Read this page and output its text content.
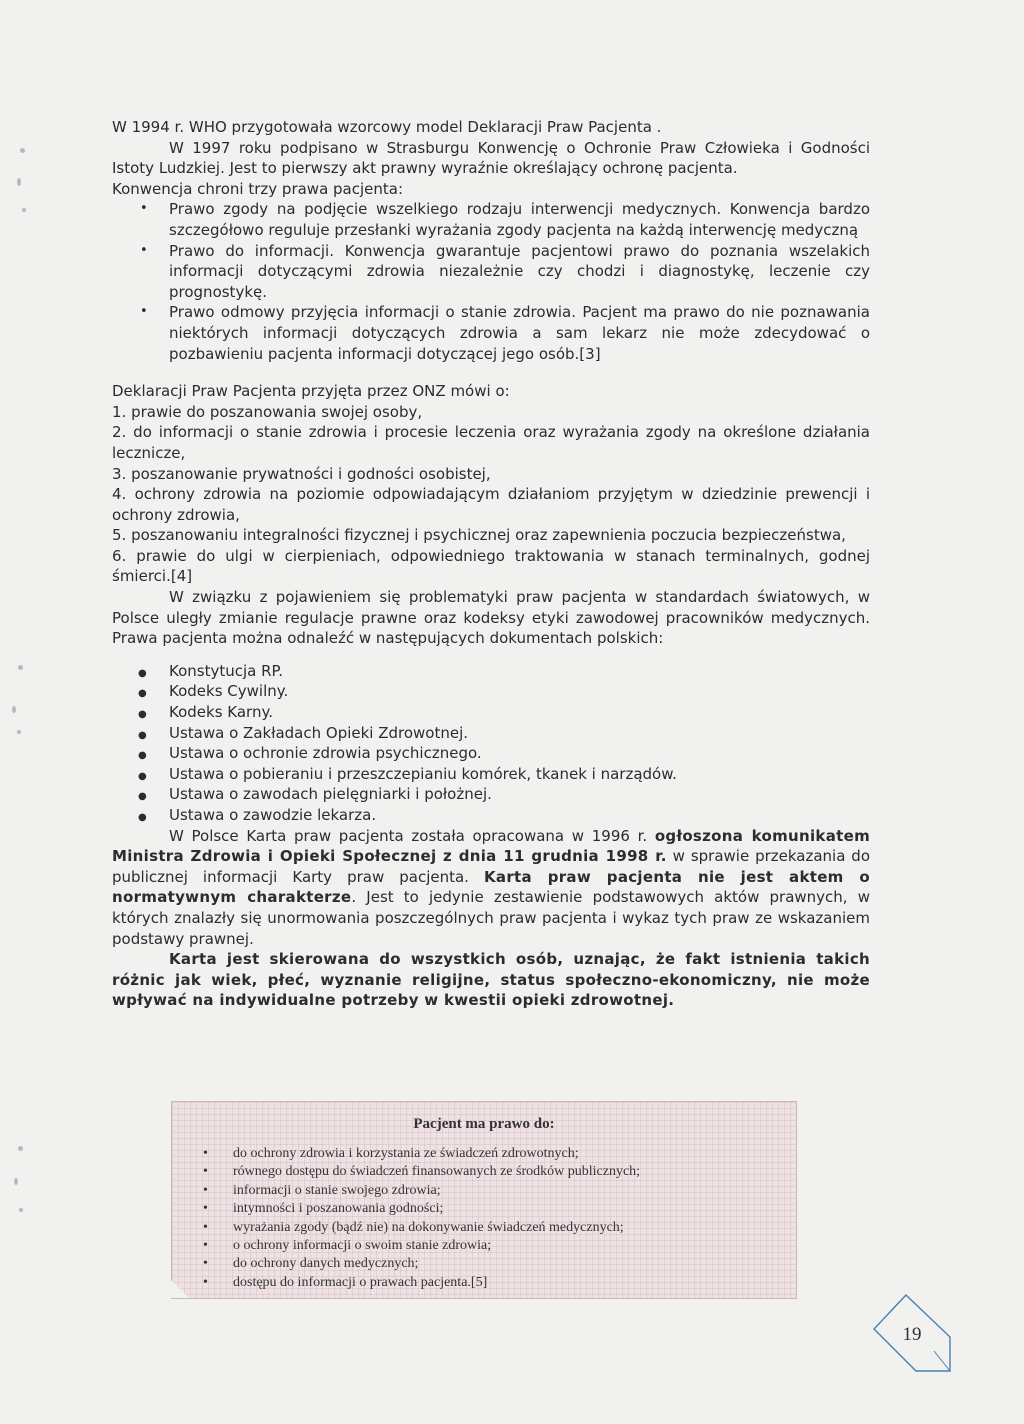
W 1994 r. WHO przygotowała wzorcowy model Deklaracji Praw Pacjenta .

W 1997 roku podpisano w Strasburgu Konwencję o Ochronie Praw Człowieka i Godności Istoty Ludzkiej. Jest to pierwszy akt prawny wyraźnie określający ochronę pacjenta.

Konwencja chroni trzy prawa pacjenta:

• Prawo zgody na podjęcie wszelkiego rodzaju interwencji medycznych. Konwencja bardzo szczegółowo reguluje przesłanki wyrażania zgody pacjenta na każdą interwencję medyczną
• Prawo do informacji. Konwencja gwarantuje pacjentowi prawo do poznania wszelakich informacji dotyczącymi zdrowia niezależnie czy chodzi i diagnostykę, leczenie czy prognostykę.
• Prawo odmowy przyjęcia informacji o stanie zdrowia. Pacjent ma prawo do nie poznawania niektórych informacji dotyczących zdrowia a sam lekarz nie może zdecydować o pozbawieniu pacjenta informacji dotyczącej jego osób.[3]

Deklaracji Praw Pacjenta przyjęta przez ONZ mówi o:

1. prawie do poszanowania swojej osoby,

2. do informacji o stanie zdrowia i procesie leczenia oraz wyrażania zgody na określone działania lecznicze,

3. poszanowanie prywatności i godności osobistej,

4. ochrony zdrowia na poziomie odpowiadającym działaniom przyjętym w dziedzinie prewencji i ochrony zdrowia,

5. poszanowaniu integralności fizycznej i psychicznej oraz zapewnienia poczucia bezpieczeństwa,

6. prawie do ulgi w cierpieniach, odpowiedniego traktowania w stanach terminalnych, godnej śmierci.[4]

W związku z pojawieniem się problematyki praw pacjenta w standardach światowych, w Polsce uległy zmianie regulacje prawne oraz kodeksy etyki zawodowej pracowników medycznych. Prawa pacjenta można odnaleźć w następujących dokumentach polskich:

● Konstytucja RP.
● Kodeks Cywilny.
● Kodeks Karny.
● Ustawa o Zakładach Opieki Zdrowotnej.
● Ustawa o ochronie zdrowia psychicznego.
● Ustawa o pobieraniu i przeszczepianiu komórek, tkanek i narządów.
● Ustawa o zawodach pielęgniarki i położnej.
● Ustawa o zawodzie lekarza.

W Polsce Karta praw pacjenta została opracowana w 1996 r. ogłoszona komunikatem Ministra Zdrowia i Opieki Społecznej z dnia 11 grudnia 1998 r. w sprawie przekazania do publicznej informacji Karty praw pacjenta. Karta praw pacjenta nie jest aktem o normatywnym charakterze. Jest to jedynie zestawienie podstawowych aktów prawnych, w których znalazły się unormowania poszczególnych praw pacjenta i wykaz tych praw ze wskazaniem podstawy prawnej.

Karta jest skierowana do wszystkich osób, uznając, że fakt istnienia takich różnic jak wiek, płeć, wyznanie religijne, status społeczno-ekonomiczny, nie może wpływać na indywidualne potrzeby w kwestii opieki zdrowotnej.

Pacjent ma prawo do:
• do ochrony zdrowia i korzystania ze świadczeń zdrowotnych;
• równego dostępu do świadczeń finansowanych ze środków publicznych;
• informacji o stanie swojego zdrowia;
• intymności i poszanowania godności;
• wyrażania zgody (bądź nie) na dokonywanie świadczeń medycznych;
• o ochrony informacji o swoim stanie zdrowia;
• do ochrony danych medycznych;
• dostępu do informacji o prawach pacjenta.[5]
19
